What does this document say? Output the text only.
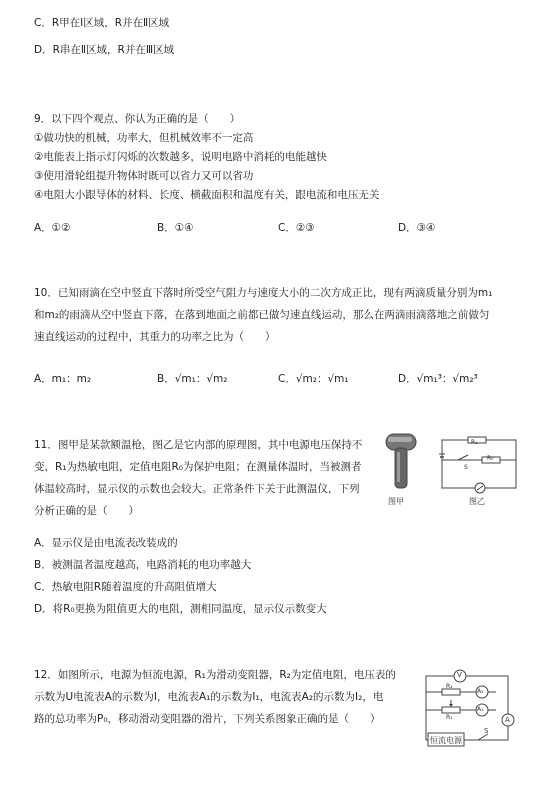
C．R甲在Ⅰ区域，R并在Ⅱ区域
D．R串在Ⅱ区域，R并在Ⅲ区域
9．以下四个观点、你认为正确的是（　　）
①做功快的机械，功率大，但机械效率不一定高
②电能表上指示灯闪烁的次数越多，说明电路中消耗的电能越快
③使用滑轮组提升物体时既可以省力又可以省功
④电阻大小跟导体的材料、长度、横截面积和温度有关，跟电流和电压无关
A．①②	B．①④	C．②③	D．③④
10．已知雨滴在空中竖直下落时所受空气阻力与速度大小的二次方成正比，现有两滴质量分别为m₁
和m₂的雨滴从空中竖直下落，在落到地面之前都已做匀速直线运动，那么在两滴雨滴落地之前做匀
速直线运动的过程中，其重力的功率之比为（　　）
A．m₁：m₂	B．√m₁：√m₂	C．√m₂：√m₁	D．√m₁³：√m₂³
11．图甲是某款额温枪，图乙是它内部的原理图，其中电源电压保持不
变，R₁为热敏电阻，定值电阻R₀为保护电阻；在测量体温时，当被测者
体温较高时，显示仪的示数也会较大。正常条件下关于此测温仪，下列
分析正确的是（　　）
图甲
R₁
R₀
S
图乙
A．显示仪是由电流表改装成的
B．被测温者温度越高，电路消耗的电功率越大
C．热敏电阻R随着温度的升高阻值增大
D．将R₀更换为阻值更大的电阻，测相同温度，显示仪示数变大
12．如图所示，电源为恒流电源，R₁为滑动变阻器，R₂为定值电阻，电压表的
示数为U电流表A的示数为I，电流表A₁的示数为I₁，电流表A₂的示数为I₂，电
路的总功率为P₀，移动滑动变阻器的滑片，下列关系图象正确的是（　　）
V
R₂
A₂
R₁
A₁
A
S
恒流电源
